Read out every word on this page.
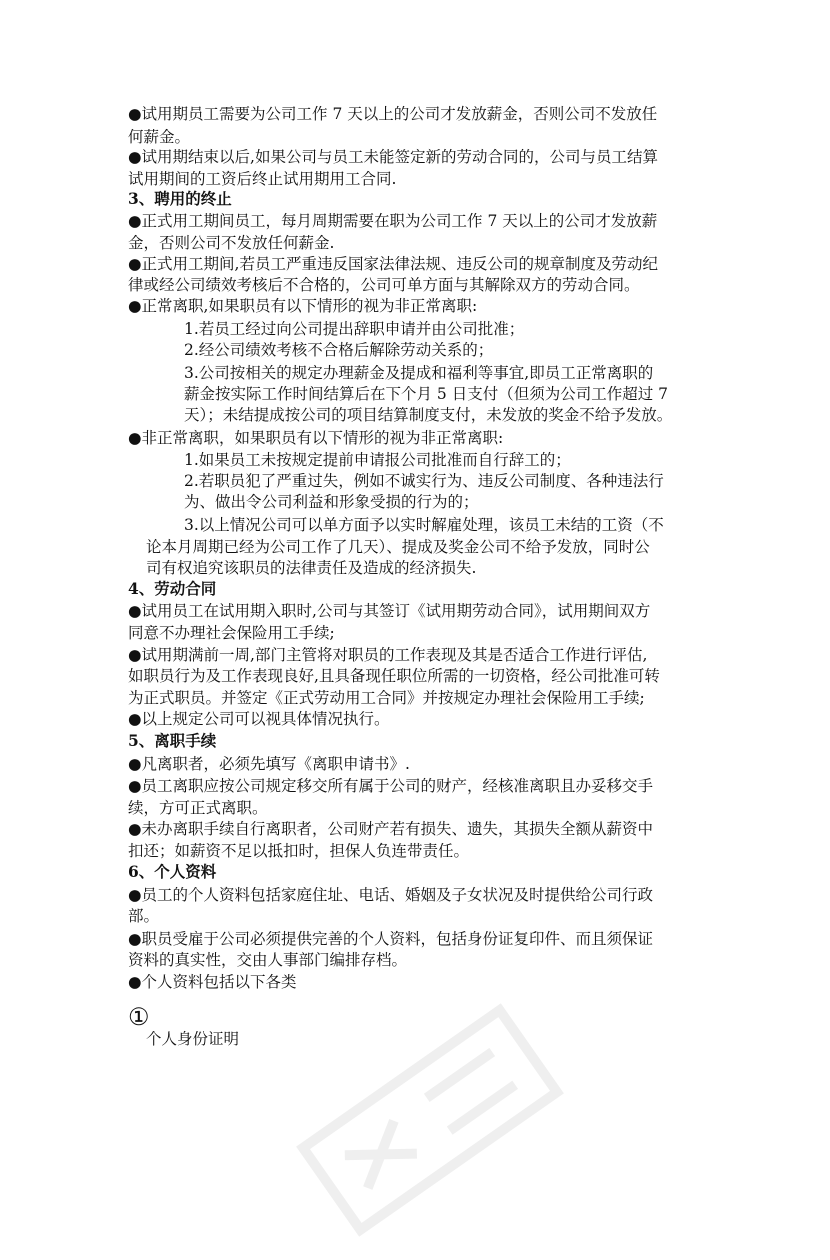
●试用期员工需要为公司工作 7 天以上的公司才发放薪金，否则公司不发放任
何薪金。
●试用期结束以后,如果公司与员工未能签定新的劳动合同的，公司与员工结算
试用期间的工资后终止试用期用工合同.
3、聘用的终止
●正式用工期间员工，每月周期需要在职为公司工作 7 天以上的公司才发放薪
金，否则公司不发放任何薪金.
●正式用工期间,若员工严重违反国家法律法规、违反公司的规章制度及劳动纪
律或经公司绩效考核后不合格的，公司可单方面与其解除双方的劳动合同。
●正常离职,如果职员有以下情形的视为非正常离职:
1.若员工经过向公司提出辞职申请并由公司批准；
2.经公司绩效考核不合格后解除劳动关系的；
3.公司按相关的规定办理薪金及提成和福利等事宜,即员工正常离职的
薪金按实际工作时间结算后在下个月 5 日支付（但须为公司工作超过 7
天）；未结提成按公司的项目结算制度支付，未发放的奖金不给予发放。
●非正常离职，如果职员有以下情形的视为非正常离职:
1.如果员工未按规定提前申请报公司批准而自行辞工的；
2.若职员犯了严重过失，例如不诚实行为、违反公司制度、各种违法行
为、做出令公司利益和形象受损的行为的；
3.以上情况公司可以单方面予以实时解雇处理，该员工未结的工资（不
论本月周期已经为公司工作了几天）、提成及奖金公司不给予发放，同时公
司有权追究该职员的法律责任及造成的经济损失.
4、劳动合同
●试用员工在试用期入职时,公司与其签订《试用期劳动合同》，试用期间双方
同意不办理社会保险用工手续;
●试用期满前一周,部门主管将对职员的工作表现及其是否适合工作进行评估,
如职员行为及工作表现良好,且具备现任职位所需的一切资格，经公司批准可转
为正式职员。并签定《正式劳动用工合同》并按规定办理社会保险用工手续;
●以上规定公司可以视具体情况执行。
5、离职手续
●凡离职者，必须先填写《离职申请书》.
●员工离职应按公司规定移交所有属于公司的财产，经核准离职且办妥移交手
续，方可正式离职。
●未办离职手续自行离职者，公司财产若有损失、遗失，其损失全额从薪资中
扣还；如薪资不足以抵扣时，担保人负连带责任。
6、个人资料
●员工的个人资料包括家庭住址、电话、婚姻及子女状况及时提供给公司行政
部。
●职员受雇于公司必须提供完善的个人资料，包括身份证复印件、而且须保证
资料的真实性，交由人事部门编排存档。
●个人资料包括以下各类
①
个人身份证明
